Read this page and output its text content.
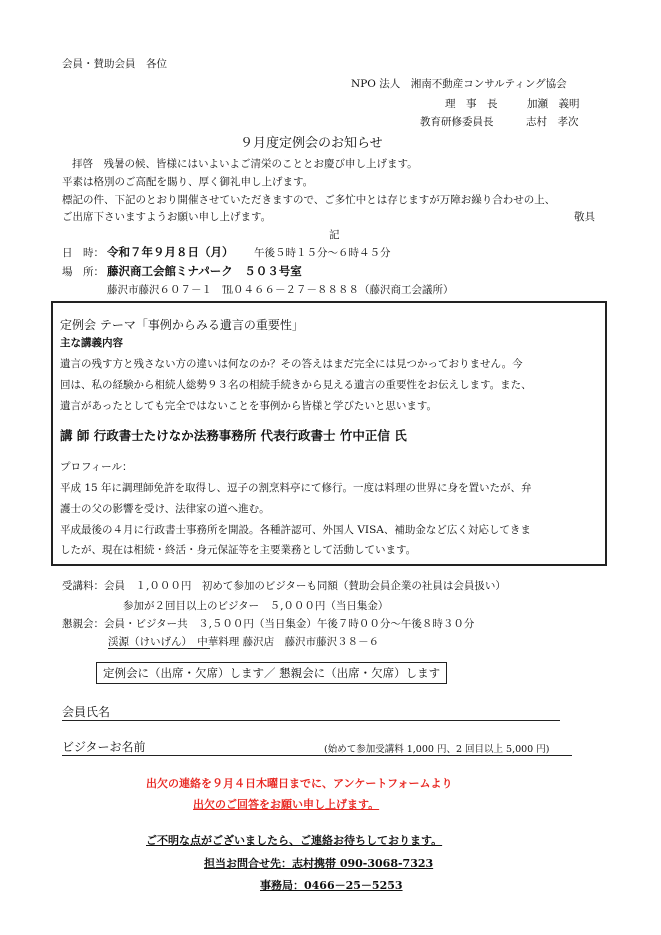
会員・賛助会員　各位
NPO 法人　湘南不動産コンサルティング協会
理　事　長	加瀬　義明
教育研修委員長	志村　孝次
９月度定例会のお知らせ
拝啓　残暑の候、皆様にはいよいよご清栄のこととお慶び申し上げます。
平素は格別のご高配を賜り、厚く御礼申し上げます。
標記の件、下記のとおり開催させていただきますので、ご多忙中とは存じますが万障お繰り合わせの上、
ご出席下さいますようお願い申し上げます。	敬具
記
日　時： 令和７年９月８日（月） 午後５時１５分～６時４５分
場　所： 藤沢商工会館ミナパーク　５０３号室
藤沢市藤沢６０７－１　℡０４６６－２７－８８８８（藤沢商工会議所）
定例会 テーマ「事例からみる遺言の重要性」
主な講義内容
遺言の残す方と残さない方の違いは何なのか？その答えはまだ完全には見つかっておりません。今
回は、私の経験から相続人総勢９３名の相続手続きから見える遺言の重要性をお伝えします。また、
遺言があったとしても完全ではないことを事例から皆様と学びたいと思います。
講 師 行政書士たけなか法務事務所 代表行政書士 竹中正信 氏
プロフィール：
平成 15 年に調理師免許を取得し、逗子の割烹料亭にて修行。一度は料理の世界に身を置いたが、弁
護士の父の影響を受け、法律家の道へ進む。
平成最後の４月に行政書士事務所を開設。各種許認可、外国人 VISA、補助金など広く対応してきま
したが、現在は相続・終活・身元保証等を主要業務として活動しています。
受講料：会員　１,０００円　初めて参加のビジターも同額（賛助会員企業の社員は会員扱い）
参加が２回目以上のビジター　５,０００円（当日集金）
懇親会：会員・ビジター共　３,５００円（当日集金）午後７時００分～午後８時３０分
渓源（けいげん）　中華料理 藤沢店　藤沢市藤沢３８－６
定例会に（出席・欠席）します／ 懇親会に（出席・欠席）します
会員氏名
ビジターお名前	(始めて参加受講料 1,000 円、2 回目以上 5,000 円)
出欠の連絡を９月４日木曜日までに、アンケートフォームより
出欠のご回答をお願い申し上げます。
ご不明な点がございましたら、ご連絡お待ちしております。
担当お問合せ先：志村携帯 090-3068-7323
事務局：0466－25－5253
